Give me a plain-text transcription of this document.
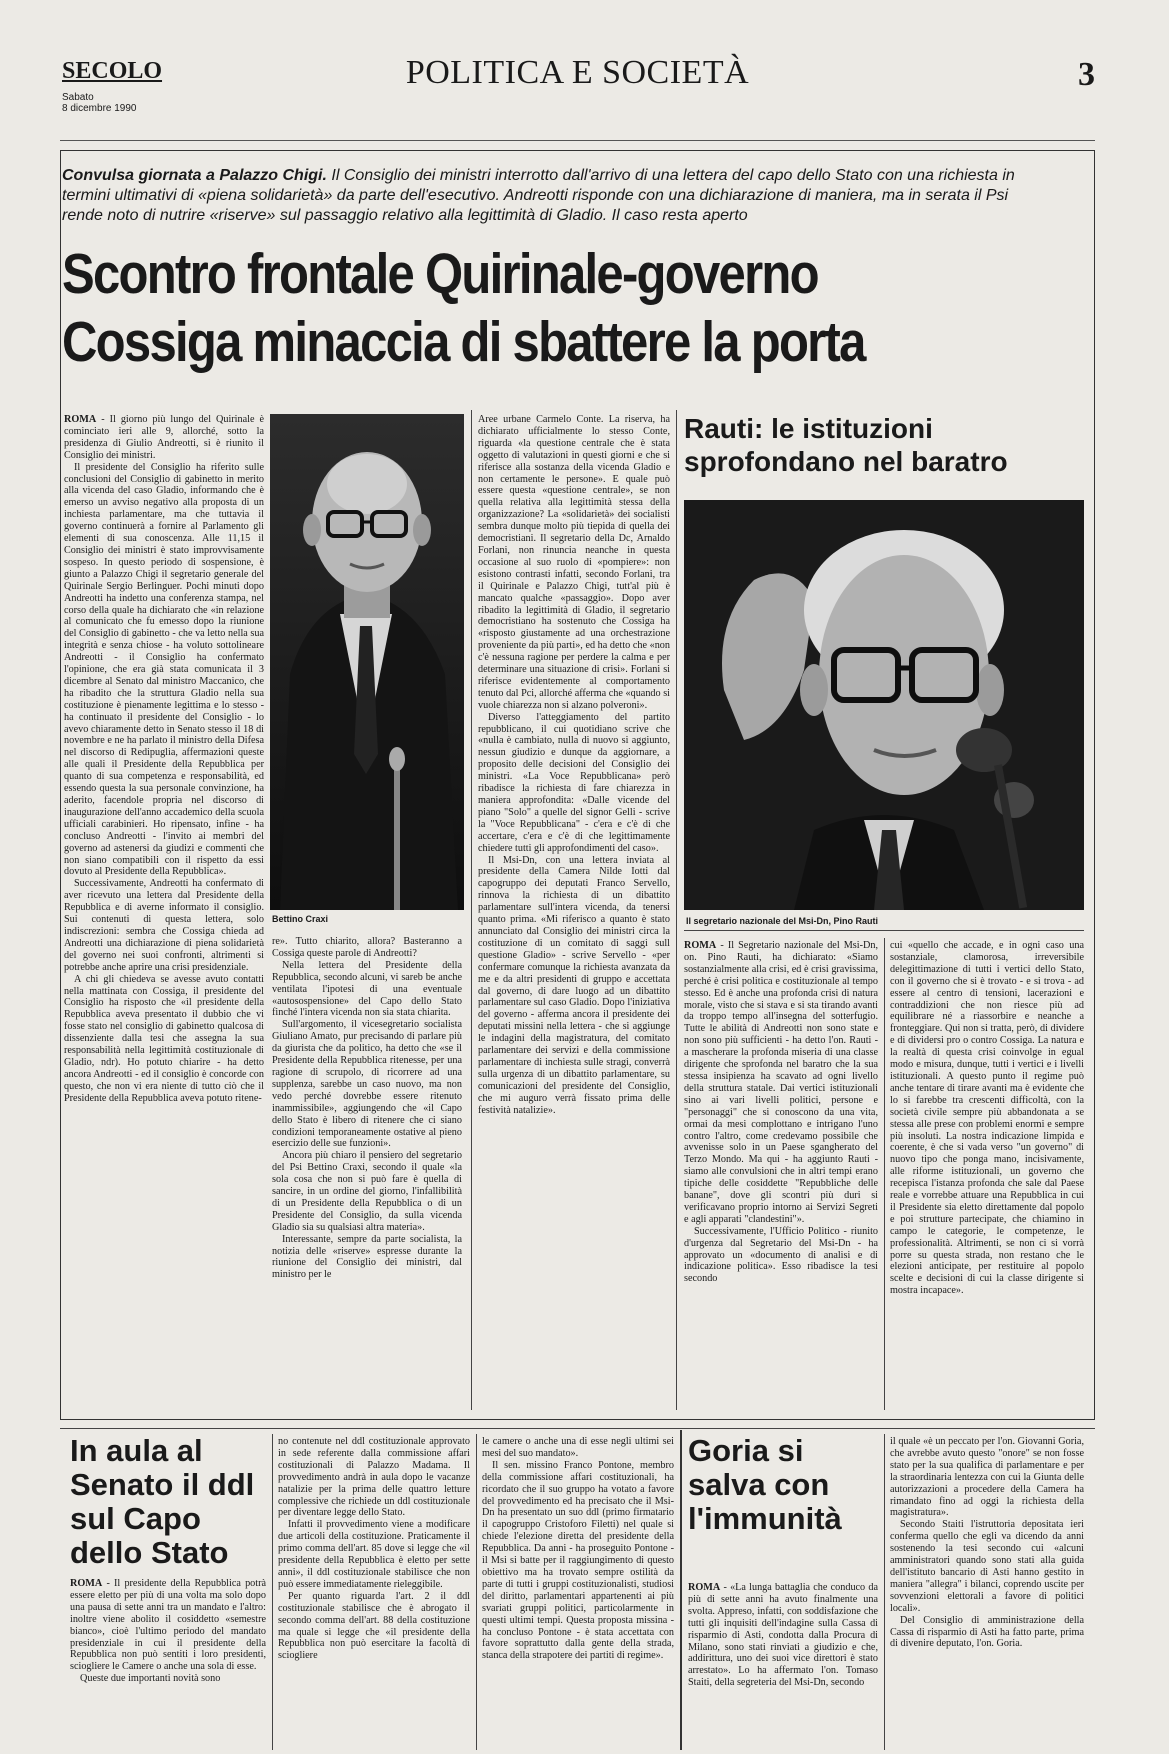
SECOLO
Sabato
8 dicembre 1990
POLITICA E SOCIETÀ	3
Convulsa giornata a Palazzo Chigi. Il Consiglio dei ministri interrotto dall'arrivo di una lettera del capo dello Stato con una richiesta in termini ultimativi di «piena solidarietà» da parte dell'esecutivo. Andreotti risponde con una dichiarazione di maniera, ma in serata il Psi rende noto di nutrire «riserve» sul passaggio relativo alla legittimità di Gladio. Il caso resta aperto
Scontro frontale Quirinale-governo
Cossiga minaccia di sbattere la porta

ROMA - Il giorno più lungo del Quirinale è cominciato ieri alle 9, allorché, sotto la presidenza di Giulio Andreotti, si è riunito il Consiglio dei ministri.

Il presidente del Consiglio ha riferito sulle conclusioni del Consiglio di gabinetto in merito alla vicenda del caso Gladio, informando che è emerso un avviso negativo alla proposta di un inchiesta parlamentare, ma che tuttavia il governo continuerà a fornire al Parlamento gli elementi di sua conoscenza. Alle 11,15 il Consiglio dei ministri è stato improvvisamente sospeso. In questo periodo di sospensione, è giunto a Palazzo Chigi il segretario generale del Quirinale Sergio Berlinguer. Pochi minuti dopo Andreotti ha indetto una conferenza stampa, nel corso della quale ha dichiarato che «in relazione al comunicato che fu emesso dopo la riunione del Consiglio di gabinetto - che va letto nella sua integrità e senza chiose - ha voluto sottolineare Andreotti - il Consiglio ha confermato l'opinione, che era già stata comunicata il 3 dicembre al Senato dal ministro Maccanico, che ha ribadito che la struttura Gladio nella sua costituzione è pienamente legittima e lo stesso - ha continuato il presidente del Consiglio - lo avevo chiaramente detto in Senato stesso il 18 di novembre e ne ha parlato il ministro della Difesa nel discorso di Redipuglia, affermazioni queste alle quali il Presidente della Repubblica per quanto di sua competenza e responsabilità, ed essendo questa la sua personale convinzione, ha aderito, facendole propria nel discorso di inaugurazione dell'anno accademico della scuola ufficiali carabinieri. Ho ripensato, infine - ha concluso Andreotti - l'invito ai membri del governo ad astenersi da giudizi e commenti che non siano compatibili con il rispetto da essi dovuto al Presidente della Repubblica».

Successivamente, Andreotti ha confermato di aver ricevuto una lettera dal Presidente della Repubblica e di averne informato il consiglio. Sui contenuti di questa lettera, solo indiscrezioni: sembra che Cossiga chieda ad Andreotti una dichiarazione di piena solidarietà del governo nei suoi confronti, altrimenti si potrebbe anche aprire una crisi presidenziale.

A chi gli chiedeva se avesse avuto contatti nella mattinata con Cossiga, il presidente del Consiglio ha risposto che «il presidente della Repubblica aveva presentato il dubbio che vi fosse stato nel consiglio di gabinetto qualcosa di dissenziente dalla tesi che assegna la sua responsabilità nella legittimità costituzionale di Gladio, ndr). Ho potuto chiarire - ha detto ancora Andreotti - ed il consiglio è concorde con questo, che non vi era niente di tutto ciò che il Presidente della Repubblica aveva potuto ritene-

Bettino Craxi

re». Tutto chiarito, allora? Basteranno a Cossiga queste parole di Andreotti?

Nella lettera del Presidente della Repubblica, secondo alcuni, vi sareb be anche ventilata l'ipotesi di una eventuale «autosospensione» del Capo dello Stato finché l'intera vicenda non sia stata chiarita.

Sull'argomento, il vicesegretario socialista Giuliano Amato, pur precisando di parlare più da giurista che da politico, ha detto che «se il Presidente della Repubblica ritenesse, per una ragione di scrupolo, di ricorrere ad una supplenza, sarebbe un caso nuovo, ma non vedo perché dovrebbe essere ritenuto inammissibile», aggiungendo che «il Capo dello Stato è libero di ritenere che ci siano condizioni temporaneamente ostative al pieno esercizio delle sue funzioni».

Ancora più chiaro il pensiero del segretario del Psi Bettino Craxi, secondo il quale «la sola cosa che non si può fare è quella di sancire, in un ordine del giorno, l'infallibilità di un Presidente della Repubblica o di un Presidente del Consiglio, da sulla vicenda Gladio sia su qualsiasi altra materia».

Interessante, sempre da parte socialista, la notizia delle «riserve» espresse durante la riunione del Consiglio dei ministri, dal ministro per le

Aree urbane Carmelo Conte. La riserva, ha dichiarato ufficialmente lo stesso Conte, riguarda «la questione centrale che è stata oggetto di valutazioni in questi giorni e che si riferisce alla sostanza della vicenda Gladio e non certamente le persone». E quale può essere questa «questione centrale», se non quella relativa alla legittimità stessa della organizzazione? La «solidarietà» dei socialisti sembra dunque molto più tiepida di quella dei democristiani. Il segretario della Dc, Arnaldo Forlani, non rinuncia neanche in questa occasione al suo ruolo di «pompiere»: non esistono contrasti infatti, secondo Forlani, tra il Quirinale e Palazzo Chigi, tutt'al più è mancato qualche «passaggio». Dopo aver ribadito la legittimità di Gladio, il segretario democristiano ha sostenuto che Cossiga ha «risposto giustamente ad una orchestrazione proveniente da più parti», ed ha detto che «non c'è nessuna ragione per perdere la calma e per determinare una situazione di crisi». Forlani si riferisce evidentemente al comportamento tenuto dal Pci, allorché afferma che «quando si vuole chiarezza non si alzano polveroni».

Diverso l'atteggiamento del partito repubblicano, il cui quotidiano scrive che «nulla è cambiato, nulla di nuovo si aggiunto, nessun giudizio e dunque da aggiornare, a proposito delle decisioni del Consiglio dei ministri. «La Voce Repubblicana» però ribadisce la richiesta di fare chiarezza in maniera approfondita: «Dalle vicende del piano "Solo" a quelle del signor Gelli - scrive la "Voce Repubblicana" - c'era e c'è di che accertare, c'era e c'è di che legittimamente chiedere tutti gli approfondimenti del caso».

Il Msi-Dn, con una lettera inviata al presidente della Camera Nilde Iotti dal capogruppo dei deputati Franco Servello, rinnova la richiesta di un dibattito parlamentare sull'intera vicenda, da tenersi quanto prima. «Mi riferisco a quanto è stato annunciato dal Consiglio dei ministri circa la costituzione di un comitato di saggi sull questione Gladio» - scrive Servello - «per confermare comunque la richiesta avanzata da me e da altri presidenti di gruppo e accettata dal governo, di dare luogo ad un dibattito parlamentare sul caso Gladio. Dopo l'iniziativa del governo - afferma ancora il presidente dei deputati missini nella lettera - che si aggiunge le indagini della magistratura, del comitato parlamentare dei servizi e della commissione parlamentare di inchiesta sulle stragi, converrà sulla urgenza di un dibattito parlamentare, su comunicazioni del presidente del Consiglio, che mi auguro verrà fissato prima delle festività natalizie».

Rauti: le istituzioni sprofondano nel baratro
Il segretario nazionale del Msi-Dn, Pino Rauti

ROMA - Il Segretario nazionale del Msi-Dn, on. Pino Rauti, ha dichiarato: «Siamo sostanzialmente alla crisi, ed è crisi gravissima, perché è crisi politica e costituzionale al tempo stesso. Ed è anche una profonda crisi di natura morale, visto che si stava e si sta tirando avanti da troppo tempo all'insegna del sotterfugio. Tutte le abilità di Andreotti non sono state e non sono più sufficienti - ha detto l'on. Rauti - a mascherare la profonda miseria di una classe dirigente che sprofonda nel baratro che la sua stessa insipienza ha scavato ad ogni livello della struttura statale. Dai vertici istituzionali sino ai vari livelli politici, persone e "personaggi" che si conoscono da una vita, ormai da mesi complottano e intrigano l'uno contro l'altro, come credevamo possibile che avvenisse solo in un Paese sgangherato del Terzo Mondo. Ma qui - ha aggiunto Rauti - siamo alle convulsioni che in altri tempi erano tipiche delle cosiddette "Repubbliche delle banane", dove gli scontri più duri si verificavano proprio intorno ai Servizi Segreti e agli apparati "clandestini"».

Successivamente, l'Ufficio Politico - riunito d'urgenza dal Segretario del Msi-Dn - ha approvato un «documento di analisi e di indicazione politica». Esso ribadisce la tesi secondo

cui «quello che accade, e in ogni caso una sostanziale, clamorosa, irreversibile delegittimazione di tutti i vertici dello Stato, con il governo che si è trovato - e si trova - ad essere al centro di tensioni, lacerazioni e contraddizioni che non riesce più ad equilibrare né a riassorbire e neanche a fronteggiare. Qui non si tratta, però, di dividere e di dividersi pro o contro Cossiga. La natura e la realtà di questa crisi coinvolge in egual modo e misura, dunque, tutti i vertici e i livelli istituzionali. A questo punto il regime può anche tentare di tirare avanti ma è evidente che lo si farebbe tra crescenti difficoltà, con la società civile sempre più abbandonata a se stessa alle prese con problemi enormi e sempre più insoluti. La nostra indicazione limpida e coerente, è che si vada verso "un governo" di nuovo tipo che ponga mano, incisivamente, alle riforme istituzionali, un governo che recepisca l'istanza profonda che sale dal Paese reale e vorrebbe attuare una Repubblica in cui il Presidente sia eletto direttamente dal popolo e poi strutture partecipate, che chiamino in campo le categorie, le competenze, le professionalità. Altrimenti, se non ci si vorrà porre su questa strada, non restano che le elezioni anticipate, per restituire al popolo scelte e decisioni di cui la classe dirigente si mostra incapace».

In aula al Senato il ddl sul Capo dello Stato

ROMA - Il presidente della Repubblica potrà essere eletto per più di una volta ma solo dopo una pausa di sette anni tra un mandato e l'altro: inoltre viene abolito il cosiddetto «semestre bianco», cioè l'ultimo periodo del mandato presidenziale in cui il presidente della Repubblica non può sentiti i loro presidenti, sciogliere le Camere o anche una sola di esse.

Queste due importanti novità sono

no contenute nel ddl costituzionale approvato in sede referente dalla commissione affari costituzionali di Palazzo Madama. Il provvedimento andrà in aula dopo le vacanze natalizie per la prima delle quattro letture complessive che richiede un ddl costituzionale per diventare legge dello Stato.

Infatti il provvedimento viene a modificare due articoli della costituzione. Praticamente il primo comma dell'art. 85 dove si legge che «il presidente della Repubblica è eletto per sette anni», il ddl costituzionale stabilisce che non può essere immediatamente rieleggibile.

Per quanto riguarda l'art. 2 il ddl costituzionale stabilisce che è abrogato il secondo comma dell'art. 88 della costituzione ma quale si legge che «il presidente della Repubblica non può esercitare la facoltà di sciogliere

le camere o anche una di esse negli ultimi sei mesi del suo mandato».

Il sen. missino Franco Pontone, membro della commissione affari costituzionali, ha ricordato che il suo gruppo ha votato a favore del provvedimento ed ha precisato che il Msi-Dn ha presentato un suo ddl (primo firmatario il capogruppo Cristoforo Filetti) nel quale si chiede l'elezione diretta del presidente della Repubblica. Da anni - ha proseguito Pontone - il Msi si batte per il raggiungimento di questo obiettivo ma ha trovato sempre ostilità da parte di tutti i gruppi costituzionalisti, studiosi del diritto, parlamentari appartenenti ai più svariati gruppi politici, particolarmente in questi ultimi tempi. Questa proposta missina - ha concluso Pontone - è stata accettata con favore soprattutto dalla gente della strada, stanca della strapotere dei partiti di regime».

Goria si salva con l'immunità

ROMA - «La lunga battaglia che conduco da più di sette anni ha avuto finalmente una svolta. Appreso, infatti, con soddisfazione che tutti gli inquisiti dell'indagine sulla Cassa di risparmio di Asti, condotta dalla Procura di Milano, sono stati rinviati a giudizio e che, addirittura, uno dei suoi vice direttori è stato arrestato». Lo ha affermato l'on. Tomaso Staiti, della segreteria del Msi-Dn, secondo

il quale «è un peccato per l'on. Giovanni Goria, che avrebbe avuto questo "onore" se non fosse stato per la sua qualifica di parlamentare e per la straordinaria lentezza con cui la Giunta delle autorizzazioni a procedere della Camera ha rimandato fino ad oggi la richiesta della magistratura».

Secondo Staiti l'istruttoria depositata ieri conferma quello che egli va dicendo da anni sostenendo la tesi secondo cui «alcuni amministratori quando sono stati alla guida dell'istituto bancario di Asti hanno gestito in maniera "allegra" i bilanci, coprendo uscite per sovvenzioni elettorali a favore di politici locali».

Del Consiglio di amministrazione della Cassa di risparmio di Asti ha fatto parte, prima di divenire deputato, l'on. Goria.
